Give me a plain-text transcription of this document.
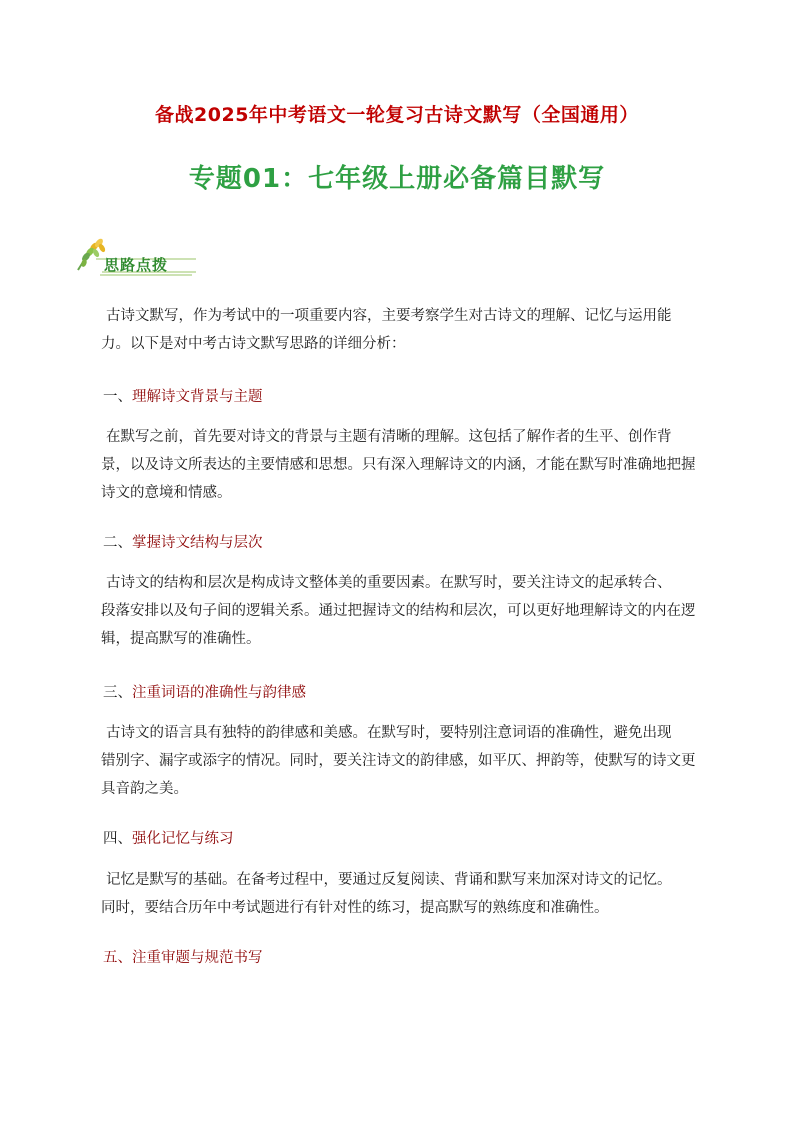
备战2025年中考语文一轮复习古诗文默写（全国通用）
专题01：七年级上册必备篇目默写
思路点拨
古诗文默写，作为考试中的一项重要内容，主要考察学生对古诗文的理解、记忆与运用能
力。以下是对中考古诗文默写思路的详细分析：
一、理解诗文背景与主题
在默写之前，首先要对诗文的背景与主题有清晰的理解。这包括了解作者的生平、创作背
景，以及诗文所表达的主要情感和思想。只有深入理解诗文的内涵，才能在默写时准确地把握
诗文的意境和情感。
二、掌握诗文结构与层次
古诗文的结构和层次是构成诗文整体美的重要因素。在默写时，要关注诗文的起承转合、
段落安排以及句子间的逻辑关系。通过把握诗文的结构和层次，可以更好地理解诗文的内在逻
辑，提高默写的准确性。
三、注重词语的准确性与韵律感
古诗文的语言具有独特的韵律感和美感。在默写时，要特别注意词语的准确性，避免出现
错别字、漏字或添字的情况。同时，要关注诗文的韵律感，如平仄、押韵等，使默写的诗文更
具音韵之美。
四、强化记忆与练习
记忆是默写的基础。在备考过程中，要通过反复阅读、背诵和默写来加深对诗文的记忆。
同时，要结合历年中考试题进行有针对性的练习，提高默写的熟练度和准确性。
五、注重审题与规范书写
